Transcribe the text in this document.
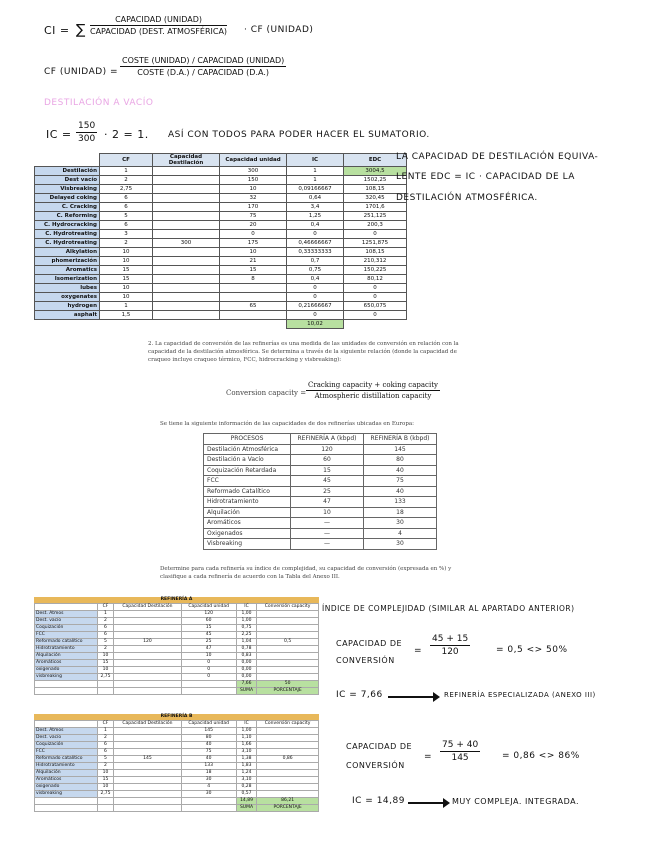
CI = ∑
CAPACIDAD (UNIDAD)
CAPACIDAD (DEST. ATMOSFÉRICA) · CF (UNIDAD)
CF (UNIDAD) =
COSTE (UNIDAD) / CAPACIDAD (UNIDAD)
COSTE (D.A.) / CAPACIDAD (D.A.)
DESTILACIÓN A VACÍO
IC = $\frac{150}{300} \cdot 2 = 1$. ASÍ CON TODOS PARA PODER HACER EL SUMATORIO.
	CF	Capacidad Destilación	Capacidad unidad	IC	EDC
Destilación	1		300	1	3004,5
Dest vacío	2		150	1	1502,25
Visbreaking	2,75		10	0,09166667	108,15
Delayed coking	6		32	0,64	320,45
C. Cracking	6		170	3,4	1701,6
C. Reforming	5		75	1,25	251,125
C. Hydrocracking	6		20	0,4	200,3
C. Hydrotreating	3		0	0	0
C. Hydrotreating	2	300	175	0,46666667	1251,875
Alkylation	10		10	0,33333333	108,15
phomerización	10		21	0,7	210,312
Aromatics	15		15	0,75	150,225
Isomerization	15		8	0,4	80,12
lubes	10			0	0
oxygenates	10			0	0
hydrogen	1		65	0,21666667	650,075
asphalt	1,5			0	0
				10,02	
LA CAPACIDAD DE DESTILACIÓN EQUIVA-
LENTE EDC = IC · CAPACIDAD DE LA
DESTILACIÓN ATMOSFÉRICA.
2. La capacidad de conversión de las refinerías es una medida de las unidades de conversión en relación con la capacidad de la destilación atmosférica. Se determina a través de la siguiente relación (donde la capacidad de craqueo incluye craqueo térmico, FCC, hidrocracking y visbreaking):
Conversion capacity =
Cracking capacity + coking capacity
Atmospheric distillation capacity
Se tiene la siguiente información de las capacidades de dos refinerías ubicadas en Europa:
PROCESOS	REFINERÍA A (kbpd)	REFINERÍA B (kbpd)
Destilación Atmosférica	120	145
Destilación a Vacío	60	80
Coquización Retardada	15	40
FCC	45	75
Reformado Catalítico	25	40
Hidrotratamiento	47	133
Alquilación	10	18
Aromáticos	—	30
Oxigenados	—	4
Visbreaking	—	30
Determine para cada refinería su índice de complejidad, su capacidad de conversión (expresada en %) y clasifique a cada refinería de acuerdo con la Tabla del Anexo III.
REFINERÍA A
	CF	Capacidad Destilación	Capacidad unidad	IC	Conversión capacity
Dest. Atmos	1		120	1,00	
Dest. vacío	2		60	1,00	
Coquización	6		15	0,75	
FCC	6		45	2,25	
Reformado catalítico	5	120	25	1,04	0,5
Hidrotratamiento	2		47	0,78	
Alquilación	10		10	0,83	
Aromáticos	15		0	0,00	
oxigenado	10		0	0,00	
visbreaking	2,75		0	0,00	
				7,66	50
				SUMA	PORCENTAJE
REFINERÍA B
	CF	Capacidad Destilación	Capacidad unidad	IC	Conversión capacity
Dest. Atmos	1		145	1,00	
Dest. vacío	2		80	1,10	
Coquización	6		40	1,66	
FCC	6		75	3,10	
Reformado catalítico	5	145	40	1,38	0,86
Hidrotratamiento	2		133	1,83	
Alquilación	10		18	1,24	
Aromáticos	15		30	3,10	
oxigenado	10		4	0,28	
visbreaking	2,75		30	0,57	
				14,89	86,21
				SUMA	PORCENTAJE
ÍNDICE DE COMPLEJIDAD (SIMILAR AL APARTADO ANTERIOR)
CAPACIDAD DE
CONVERSIÓN
= $\frac{45 + 15}{120}$	= 0,5 <> 50%
IC = 7,66	REFINERÍA ESPECIALIZADA (ANEXO III)
CAPACIDAD DE
CONVERSIÓN
= $\frac{75 + 40}{145} = 0,86 <> 86\%$
IC = 14,89	MUY COMPLEJA. INTEGRADA.
